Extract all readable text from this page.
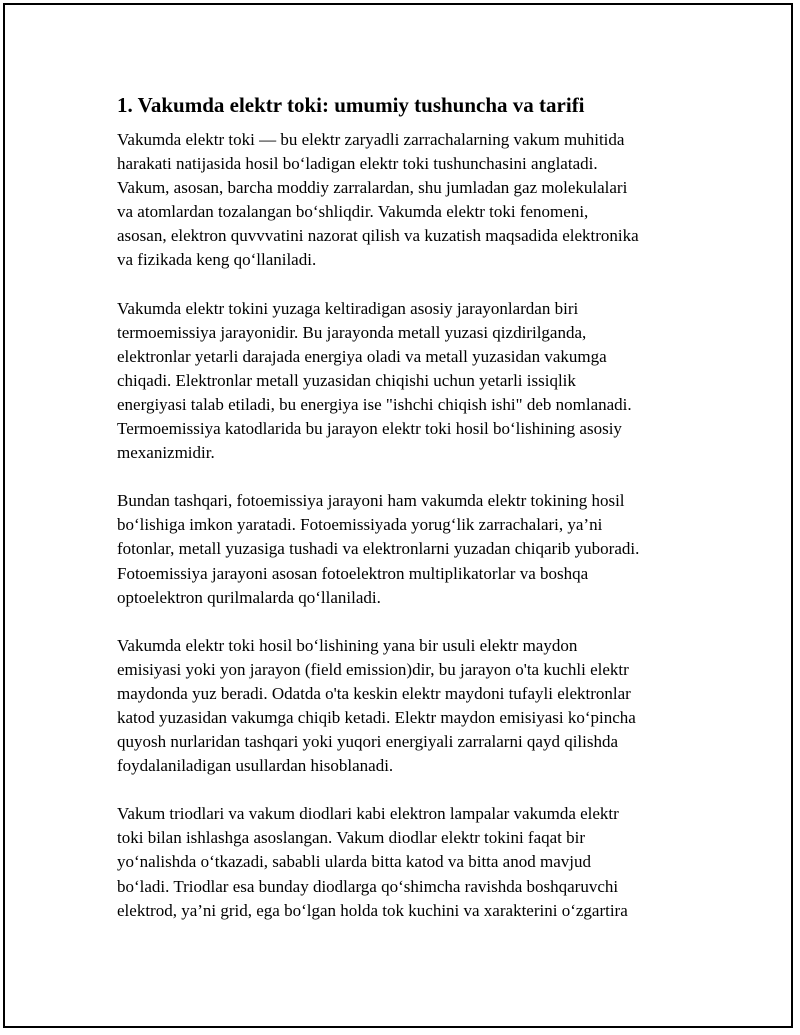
1. Vakumda elektr toki: umumiy tushuncha va tarifi
Vakumda elektr toki — bu elektr zaryadli zarrachalarning vakum muhitida
harakati natijasida hosil bo‘ladigan elektr toki tushunchasini anglatadi.
Vakum, asosan, barcha moddiy zarralardan, shu jumladan gaz molekulalari
va atomlardan tozalangan bo‘shliqdir. Vakumda elektr toki fenomeni,
asosan, elektron quvvvatini nazorat qilish va kuzatish maqsadida elektronika
va fizikada keng qo‘llaniladi.
Vakumda elektr tokini yuzaga keltiradigan asosiy jarayonlardan biri
termoemissiya jarayonidir. Bu jarayonda metall yuzasi qizdirilganda,
elektronlar yetarli darajada energiya oladi va metall yuzasidan vakumga
chiqadi. Elektronlar metall yuzasidan chiqishi uchun yetarli issiqlik
energiyasi talab etiladi, bu energiya ise "ishchi chiqish ishi" deb nomlanadi.
Termoemissiya katodlarida bu jarayon elektr toki hosil bo‘lishining asosiy
mexanizmidir.
Bundan tashqari, fotoemissiya jarayoni ham vakumda elektr tokining hosil
bo‘lishiga imkon yaratadi. Fotoemissiyada yorug‘lik zarrachalari, ya’ni
fotonlar, metall yuzasiga tushadi va elektronlarni yuzadan chiqarib yuboradi.
Fotoemissiya jarayoni asosan fotoelektron multiplikatorlar va boshqa
optoelektron qurilmalarda qo‘llaniladi.
Vakumda elektr toki hosil bo‘lishining yana bir usuli elektr maydon
emisiyasi yoki yon jarayon (field emission)dir, bu jarayon o'ta kuchli elektr
maydonda yuz beradi. Odatda o'ta keskin elektr maydoni tufayli elektronlar
katod yuzasidan vakumga chiqib ketadi. Elektr maydon emisiyasi ko‘pincha
quyosh nurlaridan tashqari yoki yuqori energiyali zarralarni qayd qilishda
foydalaniladigan usullardan hisoblanadi.
Vakum triodlari va vakum diodlari kabi elektron lampalar vakumda elektr
toki bilan ishlashga asoslangan. Vakum diodlar elektr tokini faqat bir
yo‘nalishda o‘tkazadi, sababli ularda bitta katod va bitta anod mavjud
bo‘ladi. Triodlar esa bunday diodlarga qo‘shimcha ravishda boshqaruvchi
elektrod, ya’ni grid, ega bo‘lgan holda tok kuchini va xarakterini o‘zgartira
